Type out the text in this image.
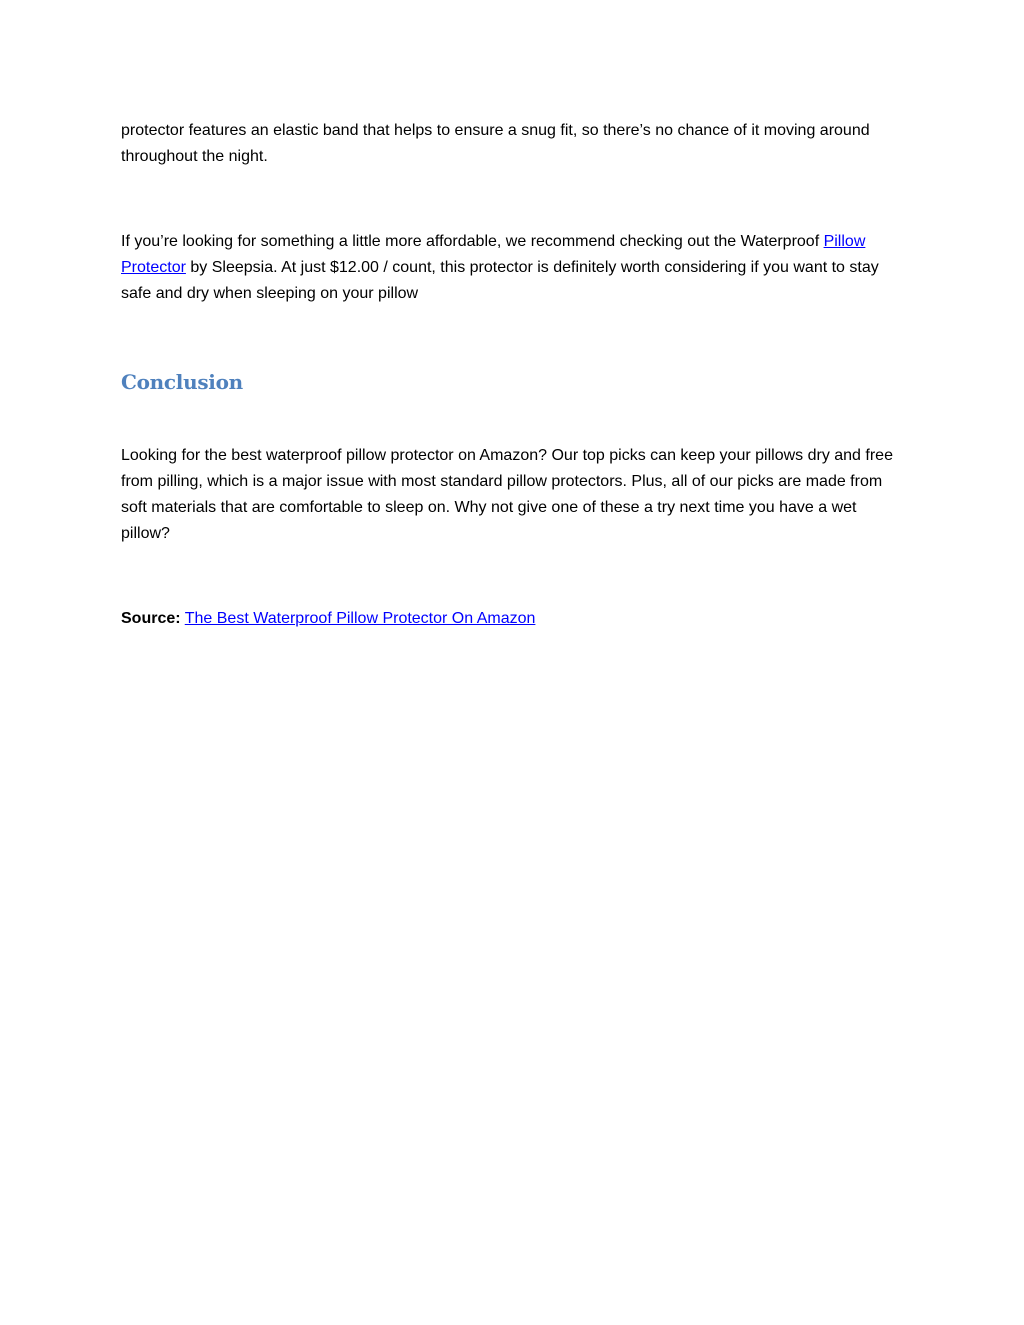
protector features an elastic band that helps to ensure a snug fit, so there’s no chance of it moving around throughout the night.

If you’re looking for something a little more affordable, we recommend checking out the Waterproof Pillow Protector by Sleepsia. At just $12.00 / count, this protector is definitely worth considering if you want to stay safe and dry when sleeping on your pillow

Conclusion

Looking for the best waterproof pillow protector on Amazon? Our top picks can keep your pillows dry and free from pilling, which is a major issue with most standard pillow protectors. Plus, all of our picks are made from soft materials that are comfortable to sleep on. Why not give one of these a try next time you have a wet pillow?

Source: The Best Waterproof Pillow Protector On Amazon
